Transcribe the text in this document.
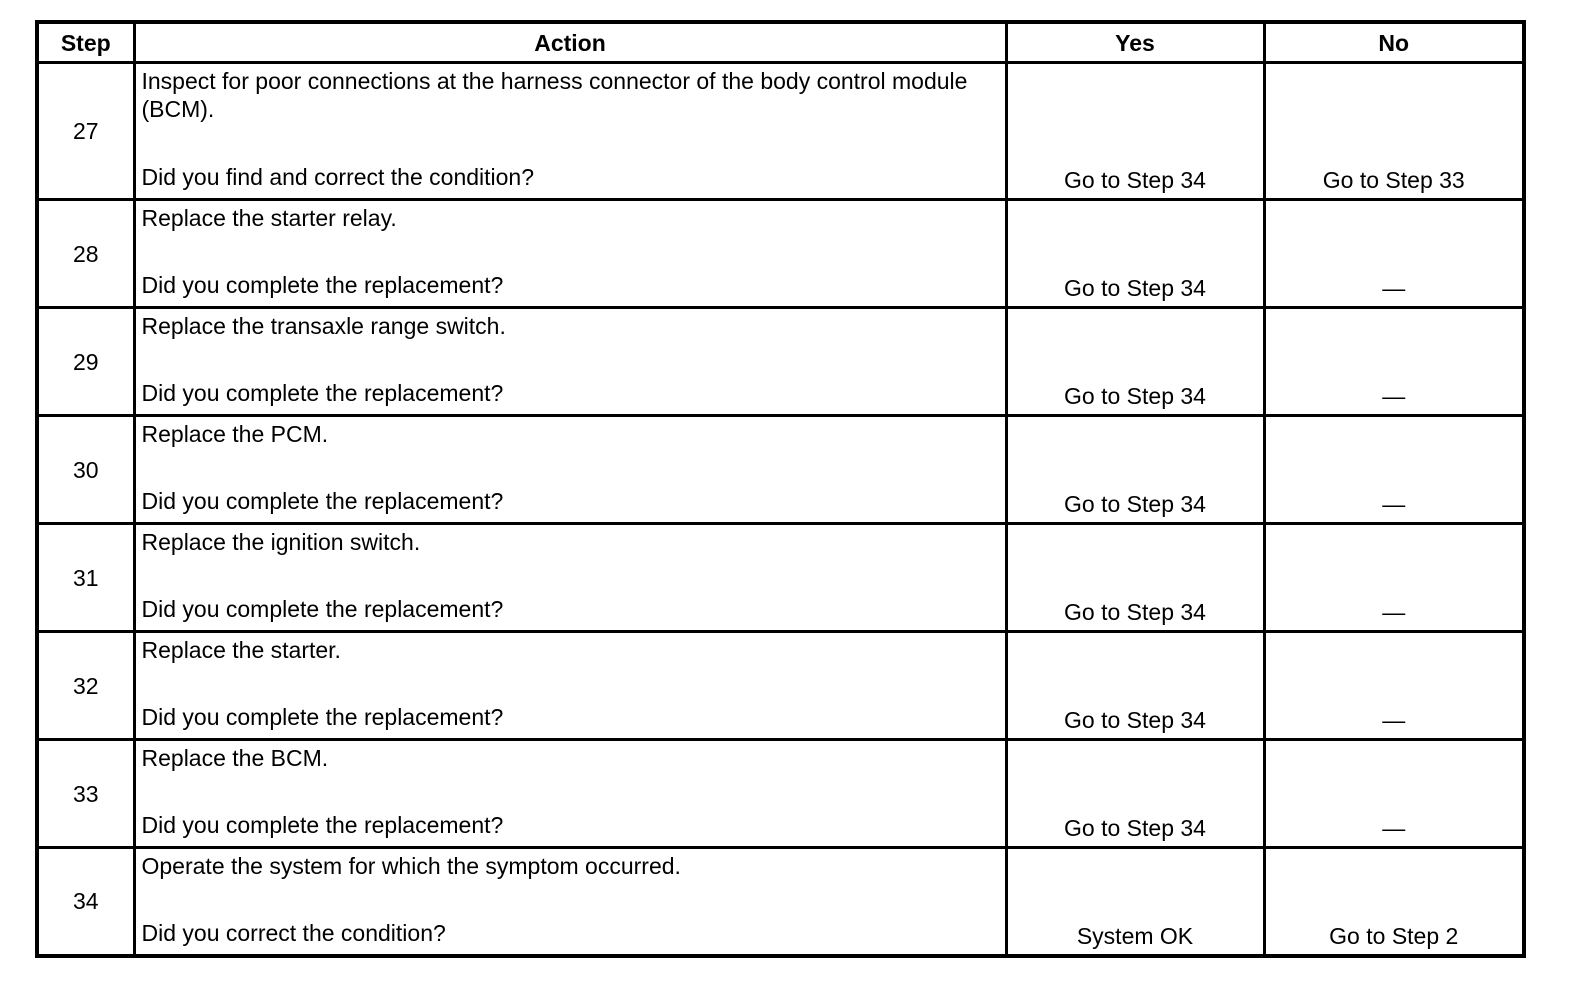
Step	Action	Yes	No
27	Inspect for poor connections at the harness connector of the body control module (BCM).
Did you find and correct the condition?	Go to Step 34	Go to Step 33
28	Replace the starter relay.
Did you complete the replacement?	Go to Step 34	—
29	Replace the transaxle range switch.
Did you complete the replacement?	Go to Step 34	—
30	Replace the PCM.
Did you complete the replacement?	Go to Step 34	—
31	Replace the ignition switch.
Did you complete the replacement?	Go to Step 34	—
32	Replace the starter.
Did you complete the replacement?	Go to Step 34	—
33	Replace the BCM.
Did you complete the replacement?	Go to Step 34	—
34	Operate the system for which the symptom occurred.
Did you correct the condition?	System OK	Go to Step 2
